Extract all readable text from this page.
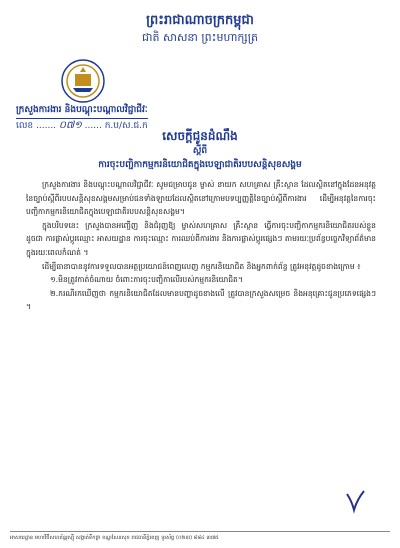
ព្រះរាជាណាចក្រកម្ពុជា
ជាតិ សាសនា ព្រះមហាក្សត្រ
ក្រសួងការងារ និងបណ្តុះបណ្តាលវិជ្ជាជីវៈ
លេខ ....... ០៧១ ...... ក.ប/ស.ជ.ក
សេចក្តីជូនដំណឹង
ស្តីពី
ការចុះបញ្ជិកាកម្មករនិយោជិតក្នុងបេឡាជាតិរបបសន្តិសុខសង្គម

ក្រសួងការងារ និងបណ្តុះបណ្តាលវិជ្ជាជីវៈ សូមជម្រាបជូន ម្ចាស់ នាយក សហគ្រាស គ្រឹះស្ថាន ដែលស្ថិតនៅក្នុងដែនអនុវត្តនៃច្បាប់ស្តីពីរបបសន្តិសុខសង្គមសម្រាប់ជនទាំងឡាយដែលស្ថិតនៅក្រោមបទប្បញ្ញត្តិនៃច្បាប់ស្តីពីការងារ ដើម្បីអនុវត្តនៃការចុះបញ្ជិកាកម្មករនិយោជិតក្នុងបេឡាជាតិរបបសន្តិសុខសង្គម។

ក្នុងបរិបទនេះ ក្រសួងបានអញ្ជើញ និងជំរុញឱ្យ ម្ចាស់សហគ្រាស គ្រឹះស្ថាន ធ្វើការចុះបញ្ជិកាកម្មករនិយោជិតរបស់ខ្លួន ដូចជា ការផ្លាស់ប្តូរឈ្មោះ អាសយដ្ឋាន ការចុះឈ្មោះ ការឈប់ពីការងារ និងការផ្លាស់ប្តូរផ្សេងៗ តាមរយៈប្រព័ន្ធបច្ចេកវិទ្យាព័ត៌មាន ក្នុងរយៈពេលកំណត់ ។

ដើម្បីធានាបាននូវការទទួលបានអត្ថប្រយោជន៍ពេញលេញ កម្មករនិយោជិត និងអ្នកពាក់ព័ន្ធ ត្រូវអនុវត្តដូចខាងក្រោម ៖

១.មិនត្រូវកាត់ចំណាយ ចំពោះការចុះបញ្ជិកាលើរបស់កម្មករនិយោជិត។

២.ករណីរកឃើញថា កម្មករនិយោជិតដែលមានបញ្ហាដូចខាងលើ ត្រូវបានក្រសួងសម្រេច និងអនុគ្រោះជូនប្រភេទផ្សេងៗ ។

អាសយដ្ឋាន មហាវិថីសហព័ន្ធរុស្ស៊ី សង្កាត់ទឹកថ្លា ខណ្ឌសែនសុខ រាជធានីភ្នំពេញ ទូរស័ព្ទ (០២៣) ៨៨៤ ៣៧៥
